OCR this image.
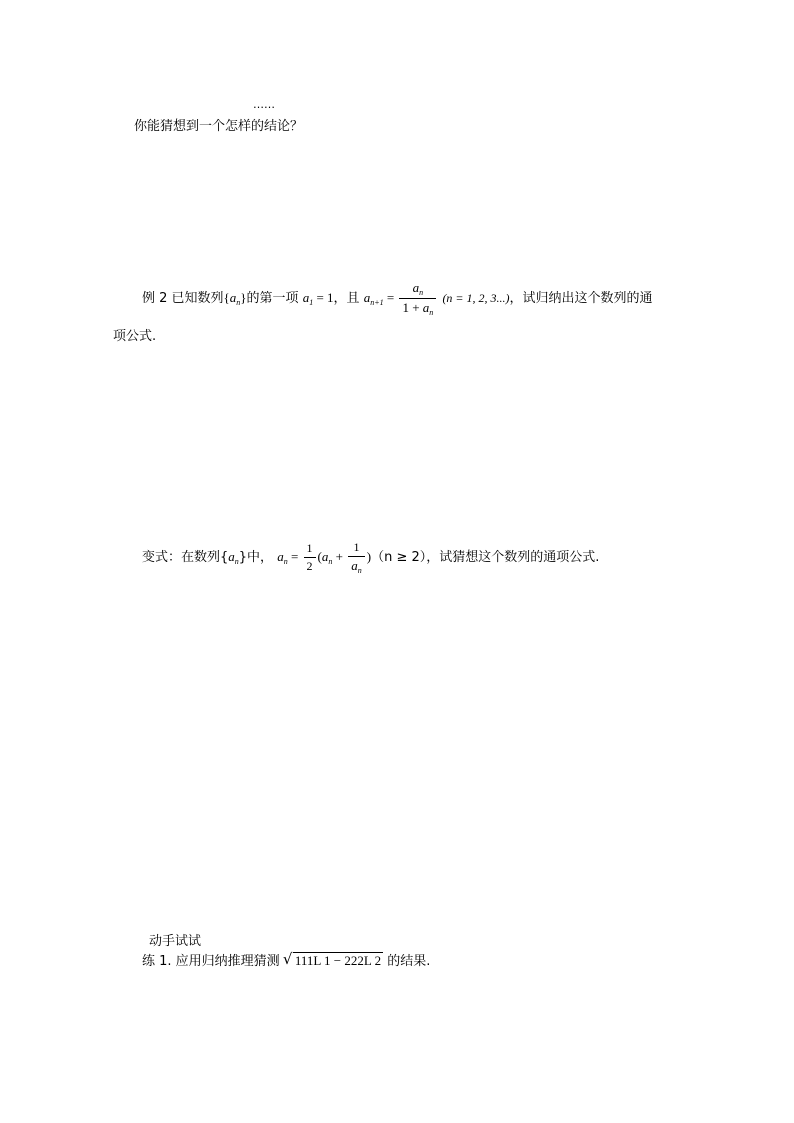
……
你能猜想到一个怎样的结论？
例 2 已知数列$\{a_n\}$的第一项 $a_1 = 1$，且 $a_{n+1} = \frac{a_n}{1 + a_n} (n = 1$, 2, 3...)，试归纳出这个数列的通
项公式.
变式：在数列$\{a_n\}$中， $a_n = \frac{1}{2} (a_n + \frac{1}{a_n} )(n \ge 2)$，试猜想这个数列的通项公式.
动手试试
练 1. 应用归纳推理猜测 √ 111L 1 − 222L 2 的结果.
